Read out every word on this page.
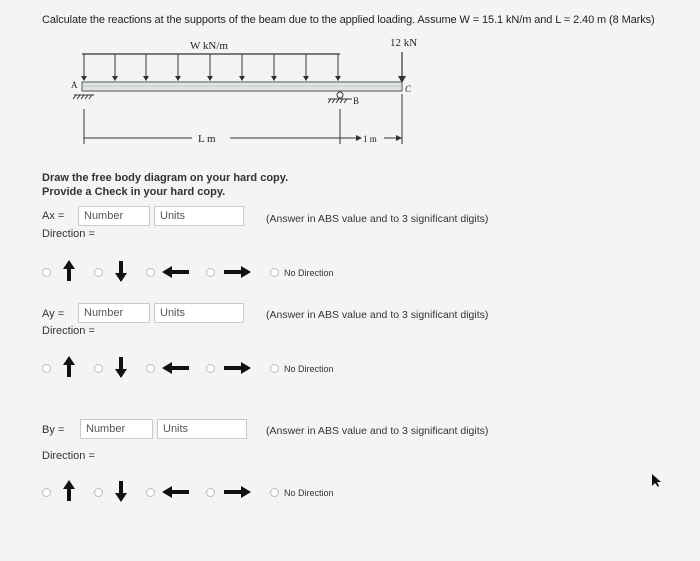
Calculate the reactions at the supports of the beam due to the applied loading. Assume W = 15.1 kN/m and L = 2.40 m (8 Marks)
W kN/m	12 kN
A
B
C
L m	1 m
Draw the free body diagram on your hard copy.
Provide a Check in your hard copy.
Ax =	Number	Units	(Answer in ABS value and to 3 significant digits)
Direction =
No Direction
Ay =	Number	Units	(Answer in ABS value and to 3 significant digits)
Direction =
No Direction
By =	Number	Units	(Answer in ABS value and to 3 significant digits)
Direction =
No Direction
